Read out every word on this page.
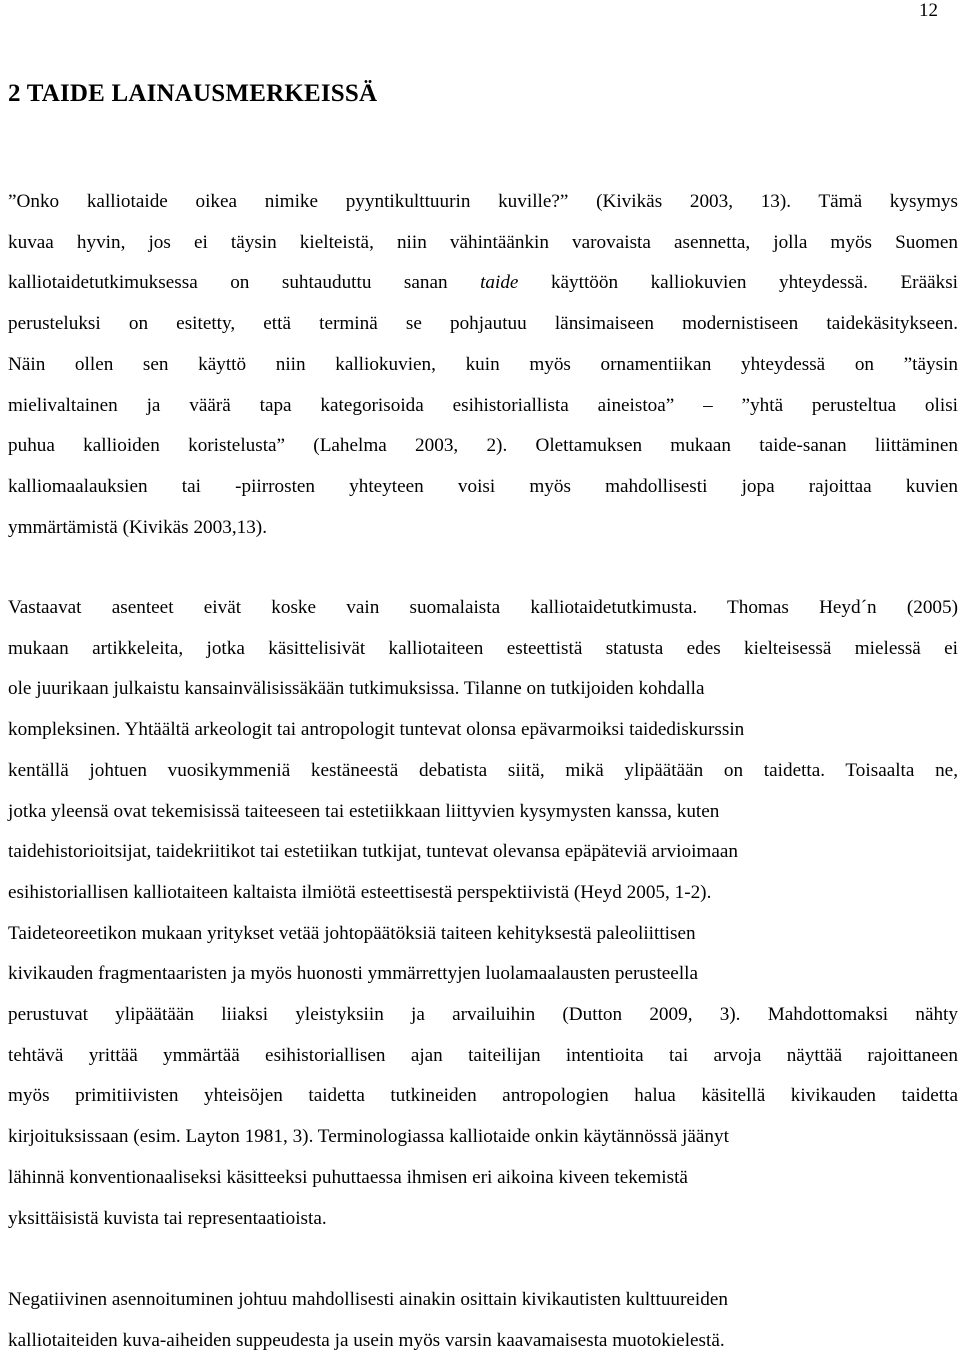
12
2 TAIDE LAINAUSMERKEISSÄ
”Onko kalliotaide oikea nimike pyyntikulttuurin kuville?” (Kivikäs 2003, 13). Tämä kysymys
kuvaa hyvin, jos ei täysin kielteistä, niin vähintäänkin varovaista asennetta, jolla myös Suomen
kalliotaidetutkimuksessa on suhtauduttu sanan taide käyttöön kalliokuvien yhteydessä. Erääksi
perusteluksi on esitetty, että terminä se pohjautuu länsimaiseen modernistiseen taidekäsitykseen.
Näin ollen sen käyttö niin kalliokuvien, kuin myös ornamentiikan yhteydessä on ”täysin
mielivaltainen ja väärä tapa kategorisoida esihistoriallista aineistoa” – ”yhtä perusteltua olisi
puhua kallioiden koristelusta” (Lahelma 2003, 2). Olettamuksen mukaan taide-sanan liittäminen
kalliomaalauksien tai -piirrosten yhteyteen voisi myös mahdollisesti jopa rajoittaa kuvien
ymmärtämistä (Kivikäs 2003,13).
Vastaavat asenteet eivät koske vain suomalaista kalliotaidetutkimusta. Thomas Heyd´n (2005)
mukaan artikkeleita, jotka käsittelisivät kalliotaiteen esteettistä statusta edes kielteisessä mielessä ei
ole juurikaan julkaistu kansainvälisissäkään tutkimuksissa. Tilanne on tutkijoiden kohdalla
kompleksinen. Yhtäältä arkeologit tai antropologit tuntevat olonsa epävarmoiksi taidediskurssin
kentällä johtuen vuosikymmeniä kestäneestä debatista siitä, mikä ylipäätään on taidetta. Toisaalta ne,
jotka yleensä ovat tekemisissä taiteeseen tai estetiikkaan liittyvien kysymysten kanssa, kuten
taidehistorioitsijat, taidekriitikot tai estetiikan tutkijat, tuntevat olevansa epäpäteviä arvioimaan
esihistoriallisen kalliotaiteen kaltaista ilmiötä esteettisestä perspektiivistä (Heyd 2005, 1-2).
Taideteoreetikon mukaan yritykset vetää johtopäätöksiä taiteen kehityksestä paleoliittisen
kivikauden fragmentaaristen ja myös huonosti ymmärrettyjen luolamaalausten perusteella
perustuvat ylipäätään liiaksi yleistyksiin ja arvailuihin (Dutton 2009, 3). Mahdottomaksi nähty
tehtävä yrittää ymmärtää esihistoriallisen ajan taiteilijan intentioita tai arvoja näyttää rajoittaneen
myös primitiivisten yhteisöjen taidetta tutkineiden antropologien halua käsitellä kivikauden taidetta
kirjoituksissaan (esim. Layton 1981, 3). Terminologiassa kalliotaide onkin käytännössä jäänyt
lähinnä konventionaaliseksi käsitteeksi puhuttaessa ihmisen eri aikoina kiveen tekemistä
yksittäisistä kuvista tai representaatioista.
Negatiivinen asennoituminen johtuu mahdollisesti ainakin osittain kivikautisten kulttuureiden
kalliotaiteiden kuva-aiheiden suppeudesta ja usein myös varsin kaavamaisesta muotokielestä.
